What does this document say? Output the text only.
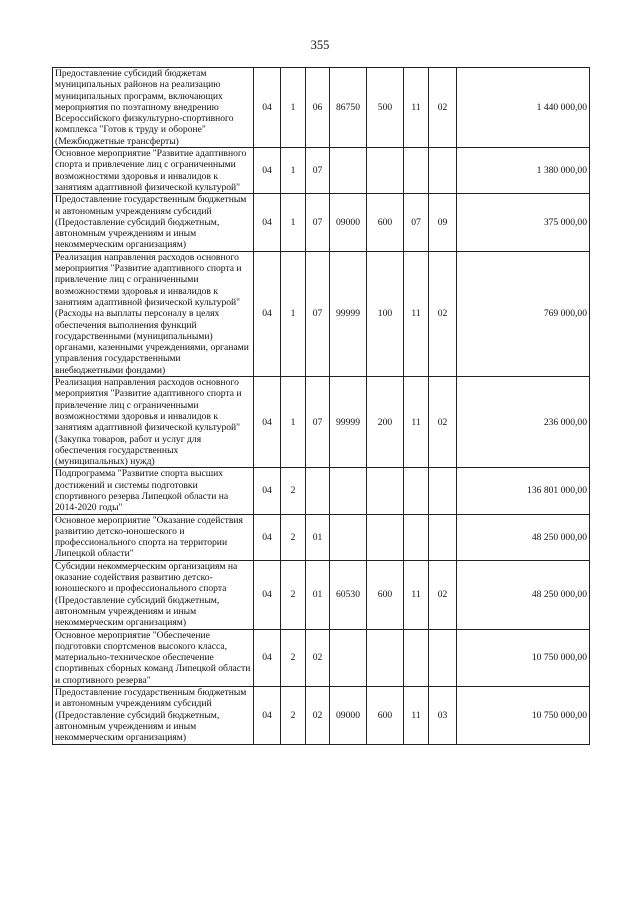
355
Предоставление субсидий бюджетам муниципальных районов на реализацию муниципальных программ, включающих мероприятия по поэтапному внедрению Всероссийского физкультурно-спортивного комплекса "Готов к труду и обороне" (Межбюджетные трансферты)	04	1	06	86750	500	11	02	1 440 000,00
Основное мероприятие "Развитие адаптивного спорта и привлечение лиц с ограниченными возможностями здоровья и инвалидов к занятиям адаптивной физической культурой"	04	1	07					1 380 000,00
Предоставление государственным бюджетным и автономным учреждениям субсидий (Предоставление субсидий бюджетным, автономным учреждениям и иным некоммерческим организациям)	04	1	07	09000	600	07	09	375 000,00
Реализация направления расходов основного мероприятия "Развитие адаптивного спорта и привлечение лиц с ограниченными возможностями здоровья и инвалидов к занятиям адаптивной физической культурой" (Расходы на выплаты персоналу в целях обеспечения выполнения функций государственными (муниципальными) органами, казенными учреждениями, органами управления государственными внебюджетными фондами)	04	1	07	99999	100	11	02	769 000,00
Реализация направления расходов основного мероприятия "Развитие адаптивного спорта и привлечение лиц с ограниченными возможностями здоровья и инвалидов к занятиям адаптивной физической культурой" (Закупка товаров, работ и услуг для обеспечения государственных (муниципальных) нужд)	04	1	07	99999	200	11	02	236 000,00
Подпрограмма "Развитие спорта высших достижений и системы подготовки спортивного резерва Липецкой области на 2014-2020 годы"	04	2						136 801 000,00
Основное мероприятие "Оказание содействия развитию детско-юношеского и профессионального спорта на территории Липецкой области"	04	2	01					48 250 000,00
Субсидии некоммерческим организациям на оказание содействия развитию детско-юношеского и профессионального спорта (Предоставление субсидий бюджетным, автономным учреждениям и иным некоммерческим организациям)	04	2	01	60530	600	11	02	48 250 000,00
Основное мероприятие "Обеспечение подготовки спортсменов высокого класса, материально-техническое обеспечение спортивных сборных команд Липецкой области и спортивного резерва"	04	2	02					10 750 000,00
Предоставление государственным бюджетным и автономным учреждениям субсидий (Предоставление субсидий бюджетным, автономным учреждениям и иным некоммерческим организациям)	04	2	02	09000	600	11	03	10 750 000,00
